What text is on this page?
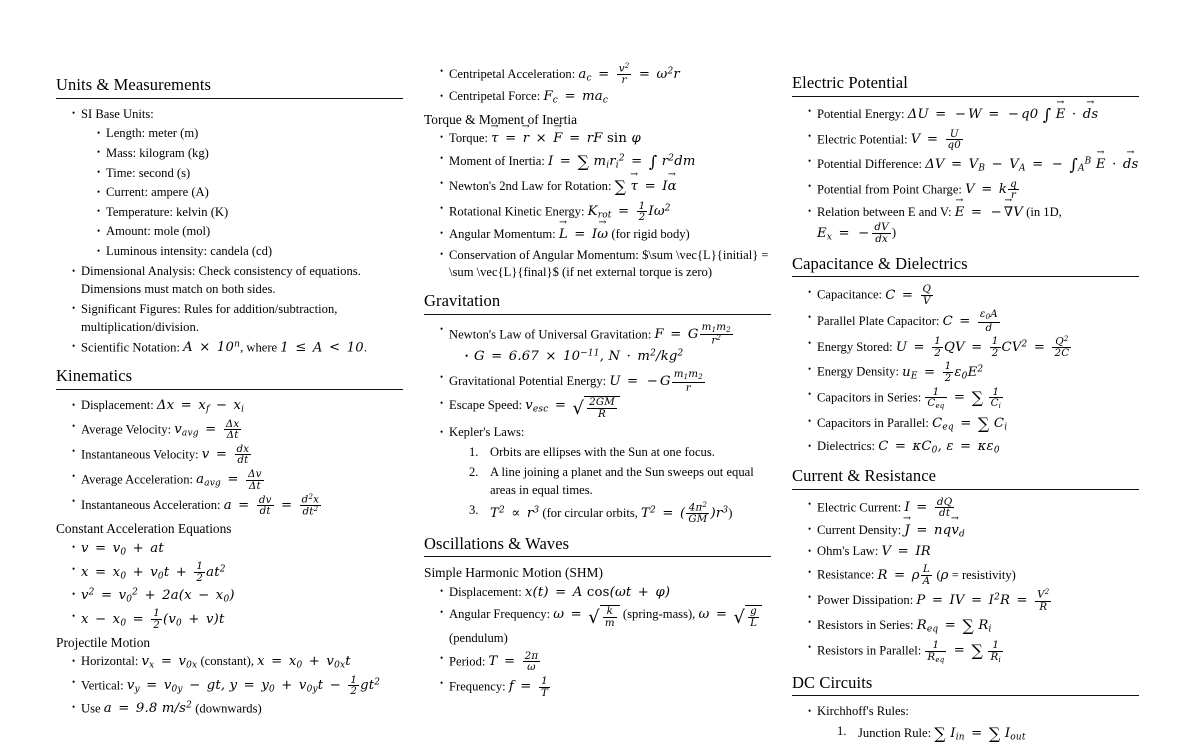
Units & Measurements
• SI Base Units:
• Length: meter (m)
• Mass: kilogram (kg)
• Time: second (s)
• Current: ampere (A)
• Temperature: kelvin (K)
• Amount: mole (mol)
• Luminous intensity: candela (cd)
• Dimensional Analysis: Check consistency of equations. Dimensions must match on both sides.
• Significant Figures: Rules for addition/subtraction, multiplication/division.
• Scientific Notation: $A \times 10^n$, where 1 ≤ A < 10.
Kinematics
• Displacement: $\Delta x = x_f - x_i$
• Average Velocity: $v_{avg} = \frac{\Delta x}{\Delta t}$
• Instantaneous Velocity: $v = \frac{dx}{dt}$
• Average Acceleration: $a_{avg} = \frac{\Delta v}{\Delta t}$
• Instantaneous Acceleration: $a = \frac{dv}{dt} = \frac{d^2x}{dt^2}$
Constant Acceleration Equations
• $v = v_0$ + at
• $x = x_0 + v_0t + \frac{1}{2} at^2$
• $v^2 = v_0^2 + 2a(x - x_0)$
• $x - x_0 = \frac{1}{2} (v_0 + v)t$
Projectile Motion
• Horizontal: $v_x = v_{0x}$ (constant), $x = x_0 + v_{0x}t$
• Vertical: $v_y = v_{0y}$ − gt, $y = y_0 + v_{0y}t - \frac{1}{2} gt^2$
• Use a = 9.8 $m/s^2$ (downwards)
• Centripetal Acceleration: $a_c = \frac{v^2}{r} = \omega^2r$
• Centripetal Force: $F_c = ma_c$
Torque & Moment of Inertia
• Torque: τ → = r → × F → = rF sin φ
• Moment of Inertia: I = ∑ $m_ir_i^2$ = ∫ $r^2dm$
• Newton's 2nd Law for Rotation: ∑ τ → = Iα →
• Rotational Kinetic Energy: $K_{rot} = \frac{1}{2} I\omega^2$
• Angular Momentum: L → = Iω → (for rigid body)
• Conservation of Angular Momentum: $\sum \vec{L}{initial} = \sum \vec{L}{final}$ (if net external torque is zero)
Gravitation
• Newton's Law of Universal Gravitation: F = G $\frac{m_1m_2}{r^2}$
• $G = 6.67 \times 10^{-11}$, $N \cdot m^2/kg^2$
• Gravitational Potential Energy: U = − G $\frac{m_1m_2}{r}$
• Escape Speed: $v_{esc}$ = √ $\frac{2GM}{R}$
• Kepler's Laws:
Orbits are ellipses with the Sun at one focus.
A line joining a planet and the Sun sweeps out equal areas in equal times.
$T^2 \propto r^3$ (for circular orbits, $T^2$ = ( $\frac{4\pi^2}{GM} )r^3$)
Oscillations & Waves
Simple Harmonic Motion (SHM)
• Displacement: x(t) = A cos(ωt + φ)
• Angular Frequency: ω = √ $\frac{k}{m}$ (spring-mass), ω = √ $\frac{g}{L}$
(pendulum)
• Period: $T = \frac{2\pi}{\omega}$
• Frequency: $f = \frac{1}{T}$
Electric Potential
• Potential Energy: ΔU = − W = − q0 ∫ E → · ds →
• Electric Potential: $V = \frac{U}{q0}$
• Potential Difference: $\Delta V = V_B - V_A$ = − $\int_A^B$ E → · ds →
• Potential from Point Charge: V = k $\frac{q}{r}$
• Relation between E and V: E → = − ∇ →V (in 1D, $E_x$ = − $\frac{dV}{dx}$ )
Capacitance & Dielectrics
• Capacitance: $C = \frac{Q}{V}$
• Parallel Plate Capacitor: $C = \frac{\varepsilon_0A}{d}$
• Energy Stored: $U = \frac{1}{2}$ QV = $\frac{1}{2} CV^2 = \frac{Q^2}{2C}$
• Energy Density: $u_E = \frac{1}{2} \varepsilon_0E^2$
• Capacitors in Series: $\frac{1}{C_{eq}}$ = ∑ $\frac{1}{C_i}$
• Capacitors in Parallel: $C_{eq}$ = ∑ $C_i$
• Dielectrics: $C = \kappa C_0$, $\varepsilon = \kappa\varepsilon_0$
Current & Resistance
• Electric Current: $I = \frac{dQ}{dt}$
• Current Density: J → = nqv $\to_d$
• Ohm's Law: V = IR
• Resistance: R = ρ $\frac{L}{A} (\rho$ = resistivity)
• Power Dissipation: P = IV = $I^2R = \frac{V^2}{R}$
• Resistors in Series: $R_{eq}$ = ∑ $R_i$
• Resistors in Parallel: $\frac{1}{R_{eq}}$ = ∑ $\frac{1}{R_i}$
DC Circuits
• Kirchhoff's Rules:
Junction Rule: ∑ $I_{in}$ = ∑ $I_{out}$
